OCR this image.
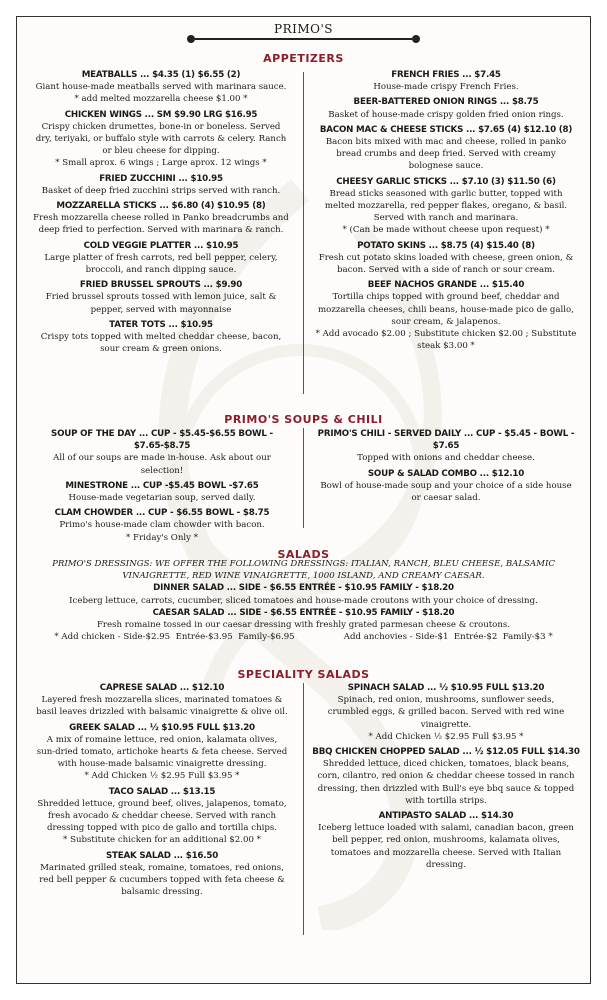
PRIMO'S
APPETIZERS
MEATBALLS ... $4.35 (1) $6.55 (2)
Giant house-made meatballs served with marinara sauce.
* add melted mozzarella cheese $1.00 *
CHICKEN WINGS ... SM $9.90 LRG $16.95
Crispy chicken drumettes, bone-in or boneless. Served
dry, teriyaki, or buffalo style with carrots & celery. Ranch
or bleu cheese for dipping.
* Small aprox. 6 wings ; Large aprox. 12 wings *
FRIED ZUCCHINI ... $10.95
Basket of deep fried zucchini strips served with ranch.
MOZZARELLA STICKS ... $6.80 (4) $10.95 (8)
Fresh mozzarella cheese rolled in Panko breadcrumbs and
deep fried to perfection. Served with marinara & ranch.
COLD VEGGIE PLATTER ... $10.95
Large platter of fresh carrots, red bell pepper, celery,
broccoli, and ranch dipping sauce.
FRIED BRUSSEL SPROUTS ... $9.90
Fried brussel sprouts tossed with lemon juice, salt &
pepper, served with mayonnaise
TATER TOTS ... $10.95
Crispy tots topped with melted cheddar cheese, bacon,
sour cream & green onions.
FRENCH FRIES ... $7.45
House-made crispy French Fries.
BEER-BATTERED ONION RINGS ... $8.75
Basket of house-made crispy golden fried onion rings.
BACON MAC & CHEESE STICKS ... $7.65 (4) $12.10 (8)
Bacon bits mixed with mac and cheese, rolled in panko
bread crumbs and deep fried. Served with creamy
bolognese sauce.
CHEESY GARLIC STICKS ... $7.10 (3) $11.50 (6)
Bread sticks seasoned with garlic butter, topped with
melted mozzarella, red pepper flakes, oregano, & basil.
Served with ranch and marinara.
* (Can be made without cheese upon request) *
POTATO SKINS ... $8.75 (4) $15.40 (8)
Fresh cut potato skins loaded with cheese, green onion, &
bacon. Served with a side of ranch or sour cream.
BEEF NACHOS GRANDE ... $15.40
Tortilla chips topped with ground beef, cheddar and
mozzarella cheeses, chili beans, house-made pico de gallo,
sour cream, & jalapenos.
* Add avocado $2.00 ; Substitute chicken $2.00 ; Substitute
steak $3.00 *
PRIMO'S SOUPS & CHILI
SOUP OF THE DAY ... CUP - $5.45-$6.55 BOWL - $7.65-$8.75
All of our soups are made in-house. Ask about our
selection!
MINESTRONE ... CUP -$5.45 BOWL -$7.65
House-made vegetarian soup, served daily.
CLAM CHOWDER ... CUP - $6.55 BOWL - $8.75
Primo's house-made clam chowder with bacon.
* Friday's Only *
PRIMO'S CHILI - SERVED DAILY ... CUP - $5.45 - BOWL - $7.65
Topped with onions and cheddar cheese.
SOUP & SALAD COMBO ... $12.10
Bowl of house-made soup and your choice of a side house
or caesar salad.
SALADS
PRIMO'S DRESSINGS: WE OFFER THE FOLLOWING DRESSINGS: ITALIAN, RANCH, BLEU CHEESE, BALSAMIC
VINAIGRETTE, RED WINE VINAIGRETTE, 1000 ISLAND, AND CREAMY CAESAR.
DINNER SALAD ... SIDE - $6.55 ENTRÉE - $10.95 FAMILY - $18.20
Iceberg lettuce, carrots, cucumber, sliced tomatoes and house-made croutons with your choice of dressing.
CAESAR SALAD ... SIDE - $6.55 ENTRÉE - $10.95 FAMILY - $18.20
Fresh romaine tossed in our caesar dressing with freshly grated parmesan cheese & croutons.
* Add chicken - Side-$2.95  Entrée-$3.95  Family-$6.95                  Add anchovies - Side-$1  Entrée-$2  Family-$3 *
SPECIALITY SALADS
CAPRESE SALAD ... $12.10
Layered fresh mozzarella slices, marinated tomatoes &
basil leaves drizzled with balsamic vinaigrette & olive oil.
GREEK SALAD ... ½ $10.95 FULL $13.20
A mix of romaine lettuce, red onion, kalamata olives,
sun-dried tomato, artichoke hearts & feta cheese. Served
with house-made balsamic vinaigrette dressing.
* Add Chicken ½ $2.95 Full $3.95 *
TACO SALAD ... $13.15
Shredded lettuce, ground beef, olives, jalapenos, tomato,
fresh avocado & cheddar cheese. Served with ranch
dressing topped with pico de gallo and tortilla chips.
* Substitute chicken for an additional $2.00 *
STEAK SALAD ... $16.50
Marinated grilled steak, romaine, tomatoes, red onions,
red bell pepper & cucumbers topped with feta cheese &
balsamic dressing.
SPINACH SALAD ... ½ $10.95 FULL $13.20
Spinach, red onion, mushrooms, sunflower seeds,
crumbled eggs, & grilled bacon. Served with red wine
vinaigrette.
* Add Chicken ½ $2.95 Full $3.95 *
BBQ CHICKEN CHOPPED SALAD ... ½ $12.05 FULL $14.30
Shredded lettuce, diced chicken, tomatoes, black beans,
corn, cilantro, red onion & cheddar cheese tossed in ranch
dressing, then drizzled with Bull's eye bbq sauce & topped
with tortilla strips.
ANTIPASTO SALAD ... $14.30
Iceberg lettuce loaded with salami, canadian bacon, green
bell pepper, red onion, mushrooms, kalamata olives,
tomatoes and mozzarella cheese. Served with Italian
dressing.
